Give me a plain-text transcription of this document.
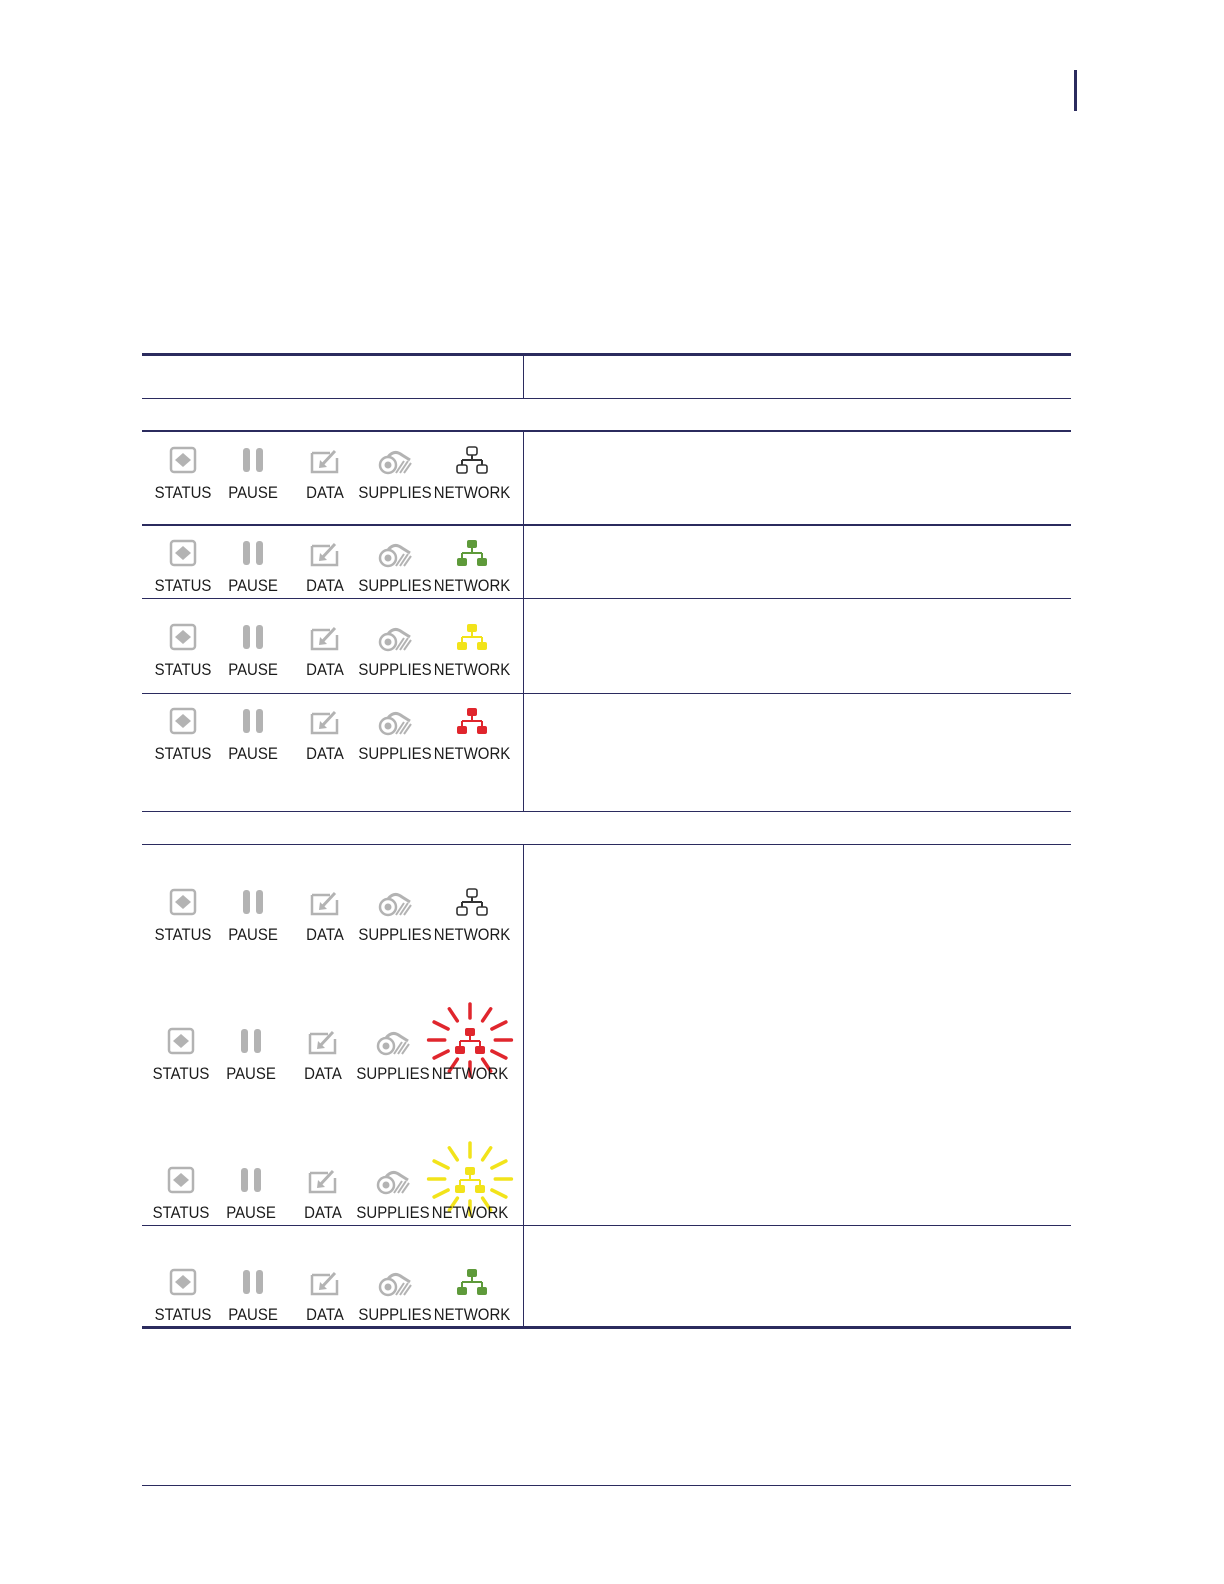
STATUS PAUSE DATA SUPPLIES NETWORK
STATUS PAUSE DATA SUPPLIES NETWORK
STATUS PAUSE DATA SUPPLIES NETWORK
STATUS PAUSE DATA SUPPLIES NETWORK
STATUS PAUSE DATA SUPPLIES NETWORK
STATUS PAUSE DATA SUPPLIES NETWORK
STATUS PAUSE DATA SUPPLIES NETWORK
STATUS PAUSE DATA SUPPLIES NETWORK
